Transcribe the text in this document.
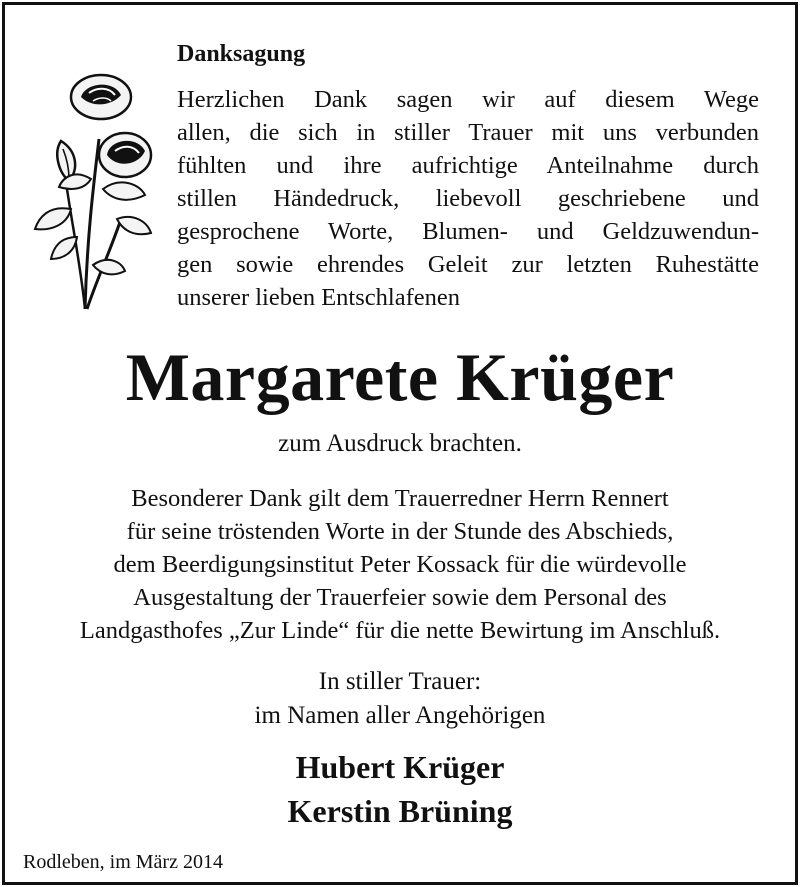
Danksagung
Herzlichen Dank sagen wir auf diesem Wege
allen, die sich in stiller Trauer mit uns verbunden
fühlten und ihre aufrichtige Anteilnahme durch
stillen Händedruck, liebevoll geschriebene und
gesprochene Worte, Blumen- und Geldzuwendun-
gen sowie ehrendes Geleit zur letzten Ruhestätte
unserer lieben Entschlafenen
Margarete Krüger
zum Ausdruck brachten.
Besonderer Dank gilt dem Trauerredner Herrn Rennert
für seine tröstenden Worte in der Stunde des Abschieds,
dem Beerdigungsinstitut Peter Kossack für die würdevolle
Ausgestaltung der Trauerfeier sowie dem Personal des
Landgasthofes „Zur Linde“ für die nette Bewirtung im Anschluß.
In stiller Trauer:
im Namen aller Angehörigen
Hubert Krüger
Kerstin Brüning
Rodleben, im März 2014
